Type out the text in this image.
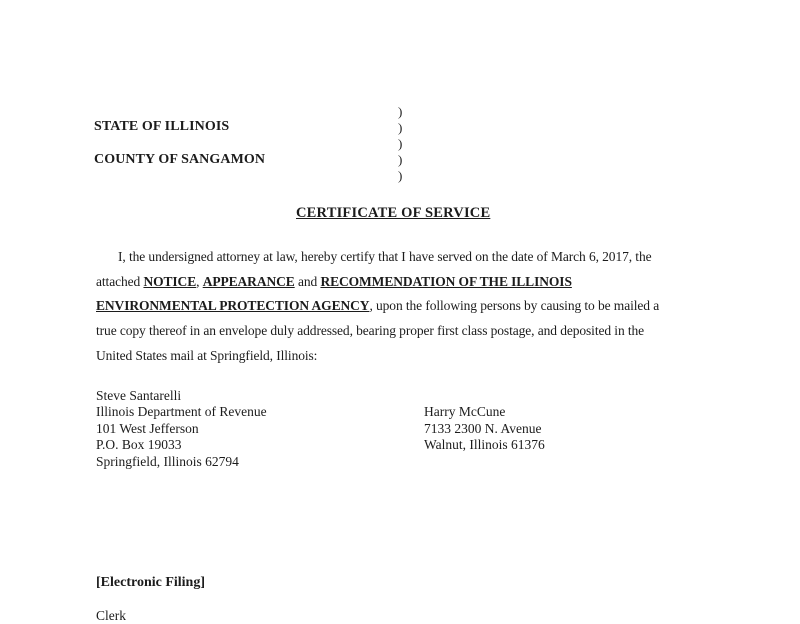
STATE OF ILLINOIS
COUNTY OF SANGAMON
)
)
)
)
)
CERTIFICATE OF SERVICE
I, the undersigned attorney at law, hereby certify that I have served on the date of March 6, 2017, the
attached NOTICE, APPEARANCE and RECOMMENDATION OF THE ILLINOIS
ENVIRONMENTAL PROTECTION AGENCY, upon the following persons by causing to be mailed a
true copy thereof in an envelope duly addressed, bearing proper first class postage, and deposited in the
United States mail at Springfield, Illinois:
Steve Santarelli
Illinois Department of Revenue
101 West Jefferson
P.O. Box 19033
Springfield, Illinois 62794
Harry McCune
7133 2300 N. Avenue
Walnut, Illinois 61376
[Electronic Filing]
Clerk
